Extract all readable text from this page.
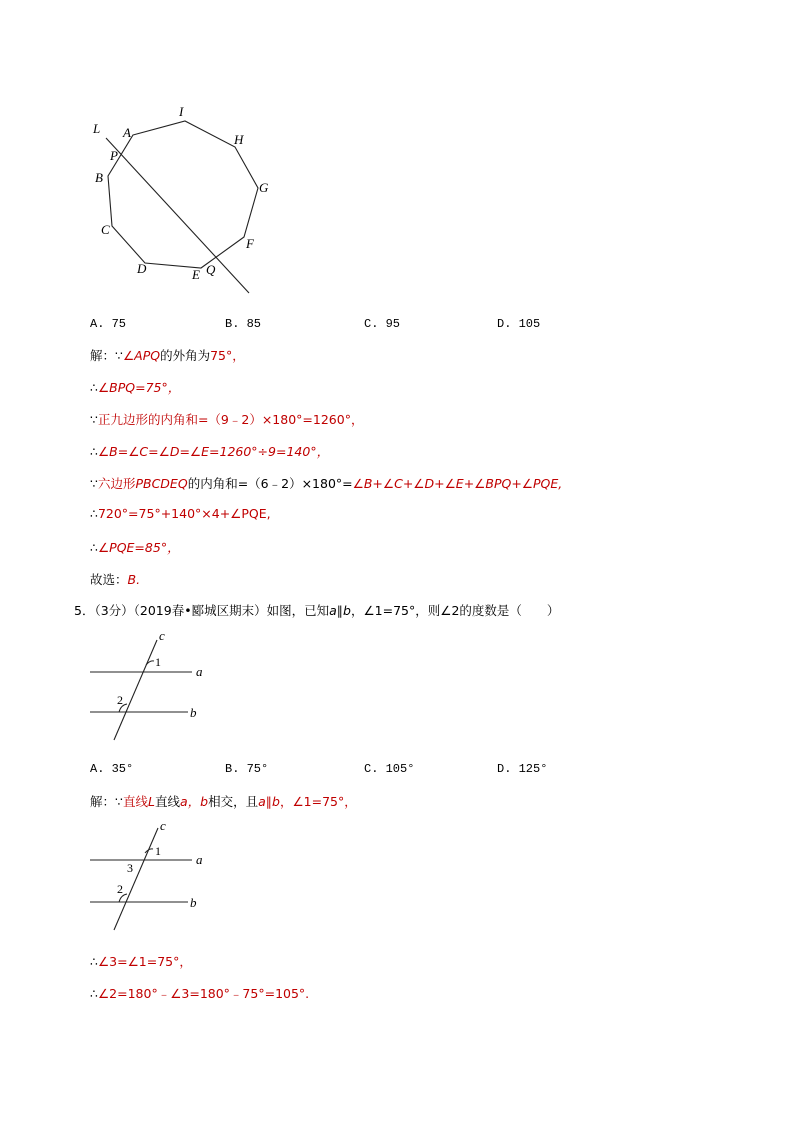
L A
I
H
P
B
G
C
F
D	E Q
A. 75	B. 85	C. 95	D. 105
解：∵∠APQ的外角为75°，
∴∠BPQ=75°，
∵正九边形的内角和=（9﹣2）×180°=1260°，
∴∠B=∠C=∠D=∠E=1260°÷9=140°，
∵六边形PBCDEQ的内角和=（6﹣2）×180°=∠B+∠C+∠D+∠E+∠BPQ+∠PQE,
∴720°=75°+140°×4+∠PQE,
∴∠PQE=85°，
故选：B.
5．（3分）（2019春•郾城区期末）如图，已知a∥b，∠1=75°，则∠2的度数是（　　）
c
1
a
2
b
A. 35°	B. 75°	C. 105°	D. 125°
解：∵直线L直线a，b相交，且a∥b，∠1=75°，
c
1
3
a
2
b
∴∠3=∠1=75°，
∴∠2=180°﹣∠3=180°﹣75°=105°.
